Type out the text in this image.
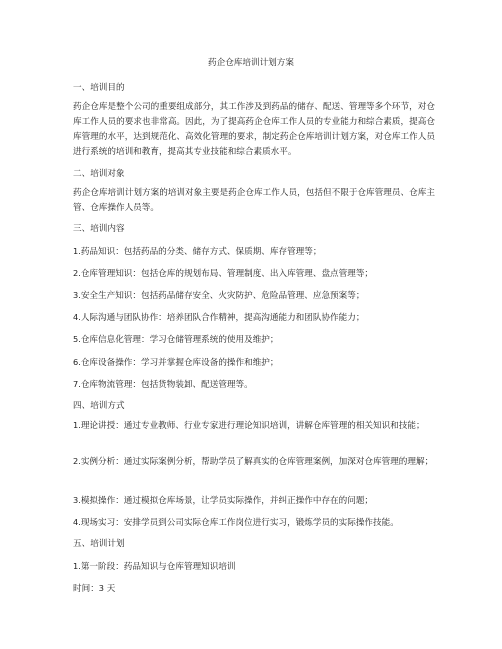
药企仓库培训计划方案
一、培训目的
药企仓库是整个公司的重要组成部分，其工作涉及到药品的储存、配送、管理等多个环节，对仓库工作人员的要求也非常高。因此，为了提高药企仓库工作人员的专业能力和综合素质，提高仓库管理的水平，达到规范化、高效化管理的要求，制定药企仓库培训计划方案，对仓库工作人员进行系统的培训和教育，提高其专业技能和综合素质水平。
二、培训对象
药企仓库培训计划方案的培训对象主要是药企仓库工作人员，包括但不限于仓库管理员、仓库主管、仓库操作人员等。
三、培训内容
1.药品知识：包括药品的分类、储存方式、保质期、库存管理等；
2.仓库管理知识：包括仓库的规划布局、管理制度、出入库管理、盘点管理等；
3.安全生产知识：包括药品储存安全、火灾防护、危险品管理、应急预案等；
4.人际沟通与团队协作：培养团队合作精神，提高沟通能力和团队协作能力；
5.仓库信息化管理：学习仓储管理系统的使用及维护；
6.仓库设备操作：学习并掌握仓库设备的操作和维护；
7.仓库物流管理：包括货物装卸、配送管理等。
四、培训方式
1.理论讲授：通过专业教师、行业专家进行理论知识培训，讲解仓库管理的相关知识和技能；
2.实例分析：通过实际案例分析，帮助学员了解真实的仓库管理案例，加深对仓库管理的理解；
3.模拟操作：通过模拟仓库场景，让学员实际操作，并纠正操作中存在的问题；
4.现场实习：安排学员到公司实际仓库工作岗位进行实习，锻炼学员的实际操作技能。
五、培训计划
1.第一阶段：药品知识与仓库管理知识培训
时间：3 天
